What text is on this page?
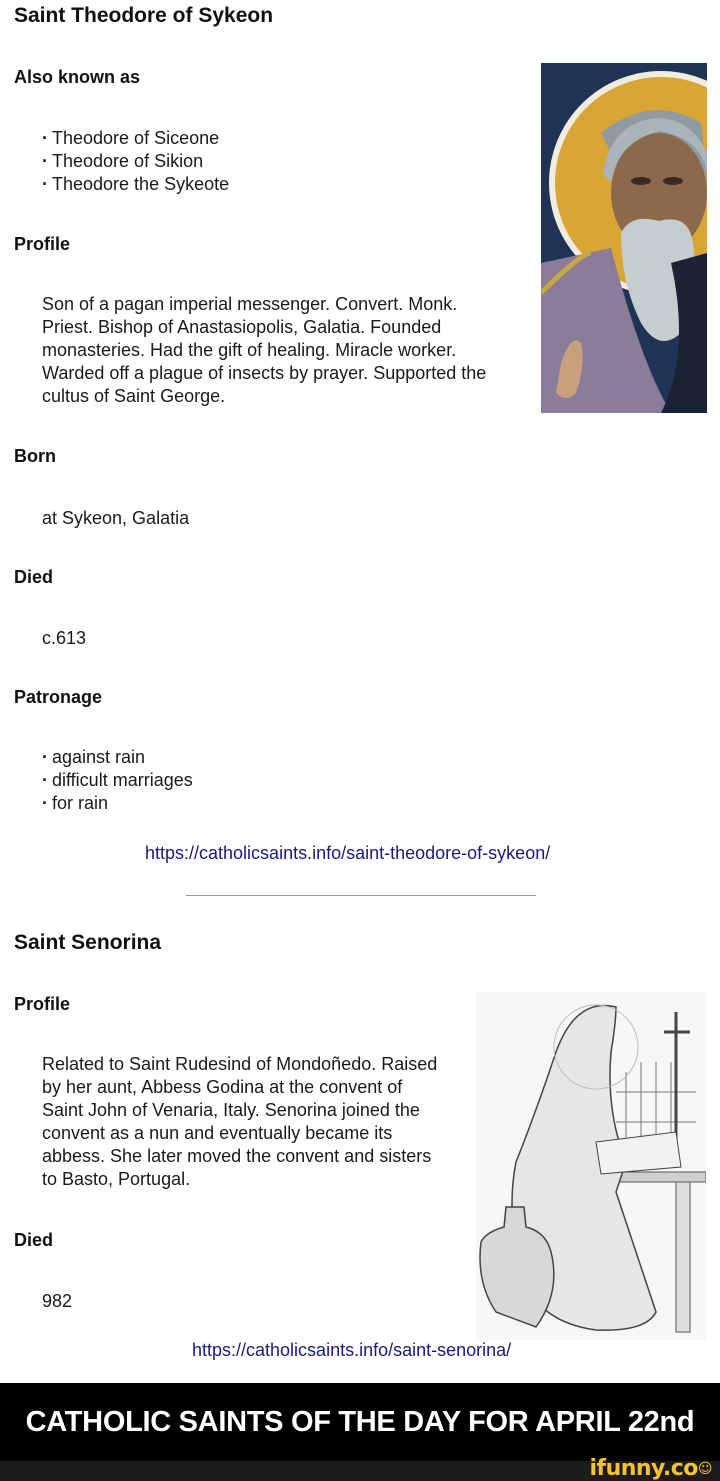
Saint Theodore of Sykeon
Also known as
· Theodore of Siceone
· Theodore of Sikion
· Theodore the Sykeote
Profile
Son of a pagan imperial messenger. Convert. Monk.
Priest. Bishop of Anastasiopolis, Galatia. Founded
monasteries. Had the gift of healing. Miracle worker.
Warded off a plague of insects by prayer. Supported the
cultus of Saint George.
Born
at Sykeon, Galatia
Died
c.613
Patronage
· against rain
· difficult marriages
· for rain
https://catholicsaints.info/saint-theodore-of-sykeon/
Saint Senorina
Profile
Related to Saint Rudesind of Mondoñedo. Raised
by her aunt, Abbess Godina at the convent of
Saint John of Venaria, Italy. Senorina joined the
convent as a nun and eventually became its
abbess. She later moved the convent and sisters
to Basto, Portugal.
Died
982
https://catholicsaints.info/saint-senorina/
CATHOLIC SAINTS OF THE DAY FOR APRIL 22nd
ifunny.co☺
